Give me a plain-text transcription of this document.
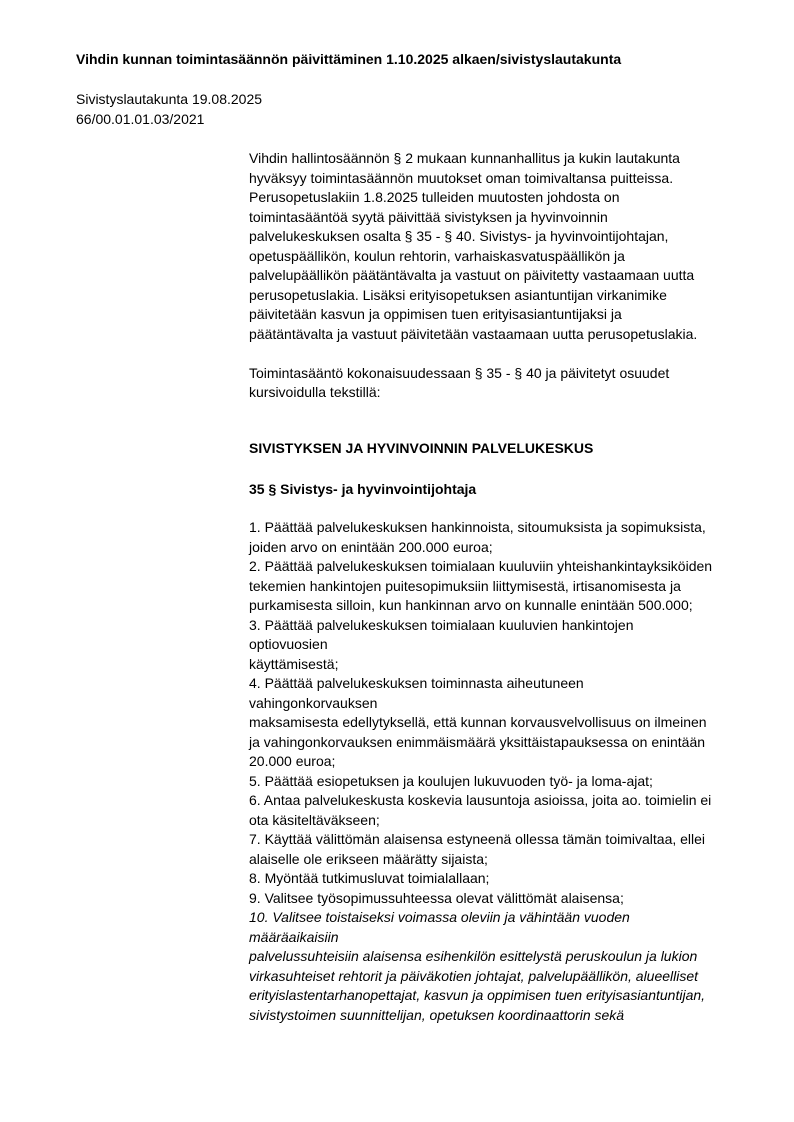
Vihdin kunnan toimintasäännön päivittäminen 1.10.2025 alkaen/sivistyslautakunta
Sivistyslautakunta 19.08.2025
66/00.01.01.03/2021

Vihdin hallintosäännön § 2 mukaan kunnanhallitus ja kukin lautakunta
hyväksyy toimintasäännön muutokset oman toimivaltansa puitteissa.
Perusopetuslakiin 1.8.2025 tulleiden muutosten johdosta on
toimintasääntöä syytä päivittää sivistyksen ja hyvinvoinnin
palvelukeskuksen osalta § 35 - § 40. Sivistys- ja hyvinvointijohtajan,
opetuspäällikön, koulun rehtorin, varhaiskasvatuspäällikön ja
palvelupäällikön päätäntävalta ja vastuut on päivitetty vastaamaan uutta
perusopetuslakia. Lisäksi erityisopetuksen asiantuntijan virkanimike
päivitetään kasvun ja oppimisen tuen erityisasiantuntijaksi ja
päätäntävalta ja vastuut päivitetään vastaamaan uutta perusopetuslakia.

Toimintasääntö kokonaisuudessaan § 35 - § 40 ja päivitetyt osuudet
kursivoidulla tekstillä:

SIVISTYKSEN JA HYVINVOINNIN PALVELUKESKUS
35 § Sivistys- ja hyvinvointijohtaja
1. Päättää palvelukeskuksen hankinnoista, sitoumuksista ja sopimuksista,
joiden arvo on enintään 200.000 euroa;
2. Päättää palvelukeskuksen toimialaan kuuluviin yhteishankintayksiköiden
tekemien hankintojen puitesopimuksiin liittymisestä, irtisanomisesta ja
purkamisesta silloin, kun hankinnan arvo on kunnalle enintään 500.000;
3. Päättää palvelukeskuksen toimialaan kuuluvien hankintojen
optiovuosien
käyttämisestä;
4. Päättää palvelukeskuksen toiminnasta aiheutuneen
vahingonkorvauksen
maksamisesta edellytyksellä, että kunnan korvausvelvollisuus on ilmeinen
ja vahingonkorvauksen enimmäismäärä yksittäistapauksessa on enintään
20.000 euroa;
5. Päättää esiopetuksen ja koulujen lukuvuoden työ- ja loma-ajat;
6. Antaa palvelukeskusta koskevia lausuntoja asioissa, joita ao. toimielin ei
ota käsiteltäväkseen;
7. Käyttää välittömän alaisensa estyneenä ollessa tämän toimivaltaa, ellei
alaiselle ole erikseen määrätty sijaista;
8. Myöntää tutkimusluvat toimialallaan;
9. Valitsee työsopimussuhteessa olevat välittömät alaisensa;
10. Valitsee toistaiseksi voimassa oleviin ja vähintään vuoden
määräaikaisiin
palvelussuhteisiin alaisensa esihenkilön esittelystä peruskoulun ja lukion
virkasuhteiset rehtorit ja päiväkotien johtajat, palvelupäällikön, alueelliset
erityislastentarhanopettajat, kasvun ja oppimisen tuen erityisasiantuntijan,
sivistystoimen suunnittelijan, opetuksen koordinaattorin sekä
